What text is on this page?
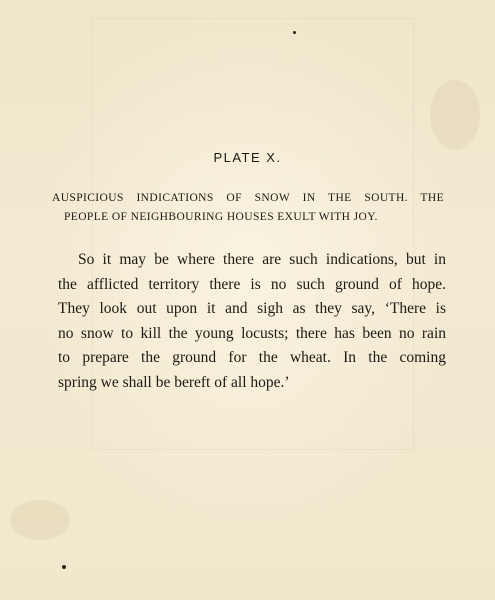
PLATE X.
AUSPICIOUS INDICATIONS OF SNOW IN THE SOUTH. THE
PEOPLE OF NEIGHBOURING HOUSES EXULT WITH JOY.
So it may be where there are such indications, but in
the afflicted territory there is no such ground of hope.
They look out upon it and sigh as they say, ‘There is
no snow to kill the young locusts; there has been no rain
to prepare the ground for the wheat. In the coming
spring we shall be bereft of all hope.’
